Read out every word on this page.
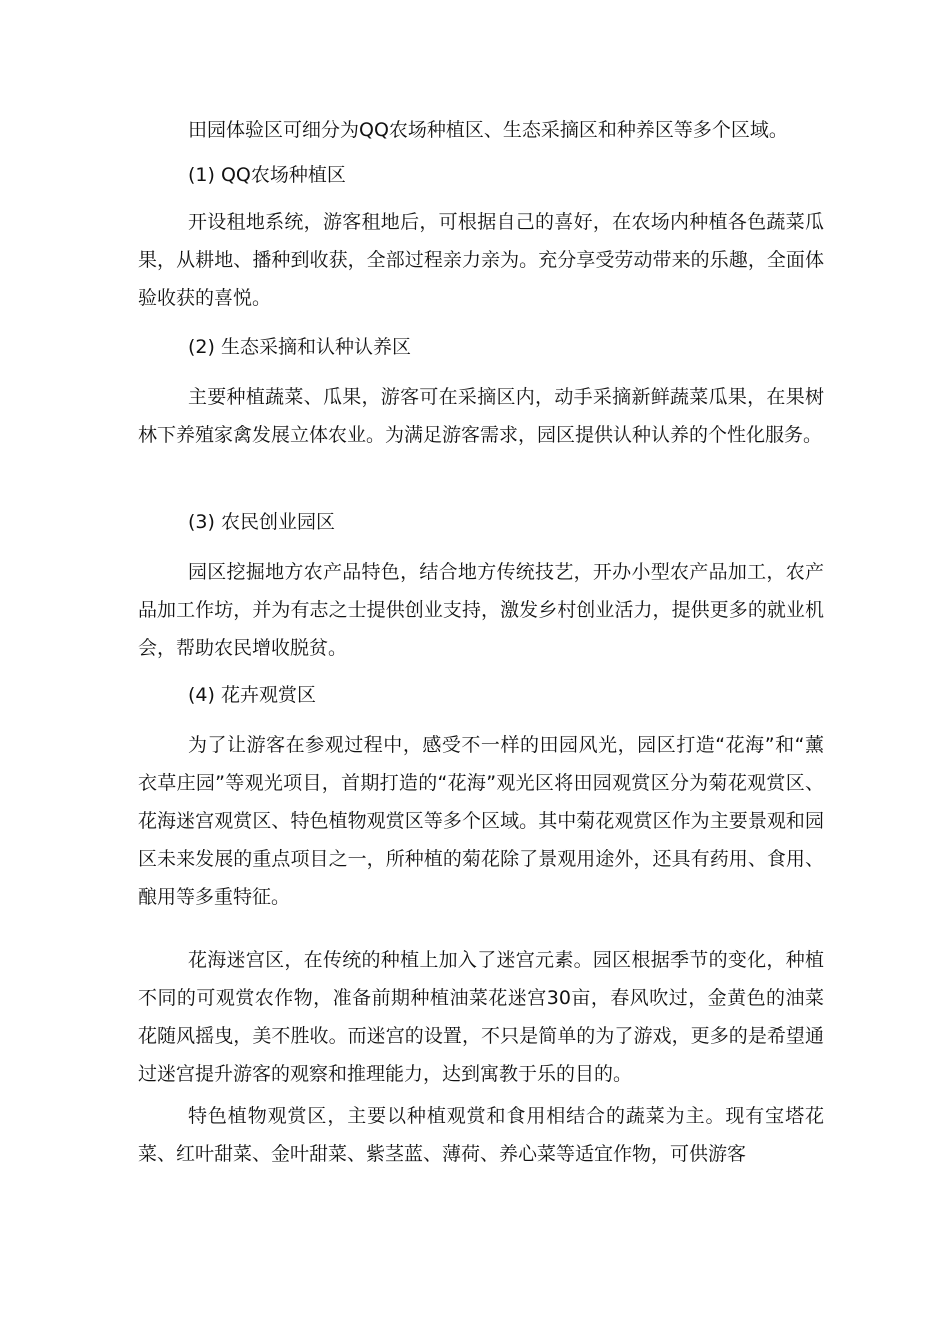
田园体验区可细分为QQ农场种植区、生态采摘区和种养区等多个区域。

(1) QQ农场种植区

开设租地系统，游客租地后，可根据自己的喜好，在农场内种植各色蔬菜瓜果，从耕地、播种到收获，全部过程亲力亲为。充分享受劳动带来的乐趣，全面体验收获的喜悦。

(2) 生态采摘和认种认养区

主要种植蔬菜、瓜果，游客可在采摘区内，动手采摘新鲜蔬菜瓜果，在果树林下养殖家禽发展立体农业。为满足游客需求，园区提供认种认养的个性化服务。

(3) 农民创业园区

园区挖掘地方农产品特色，结合地方传统技艺，开办小型农产品加工，农产品加工作坊，并为有志之士提供创业支持，激发乡村创业活力，提供更多的就业机会，帮助农民增收脱贫。

(4) 花卉观赏区

为了让游客在参观过程中，感受不一样的田园风光，园区打造“花海”和“薰衣草庄园”等观光项目，首期打造的“花海”观光区将田园观赏区分为菊花观赏区、花海迷宫观赏区、特色植物观赏区等多个区域。其中菊花观赏区作为主要景观和园区未来发展的重点项目之一，所种植的菊花除了景观用途外，还具有药用、食用、酿用等多重特征。

花海迷宫区，在传统的种植上加入了迷宫元素。园区根据季节的变化，种植不同的可观赏农作物，准备前期种植油菜花迷宫30亩，春风吹过，金黄色的油菜花随风摇曳，美不胜收。而迷宫的设置，不只是简单的为了游戏，更多的是希望通过迷宫提升游客的观察和推理能力，达到寓教于乐的目的。

特色植物观赏区，主要以种植观赏和食用相结合的蔬菜为主。现有宝塔花菜、红叶甜菜、金叶甜菜、紫茎蓝、薄荷、养心菜等适宜作物，可供游客
